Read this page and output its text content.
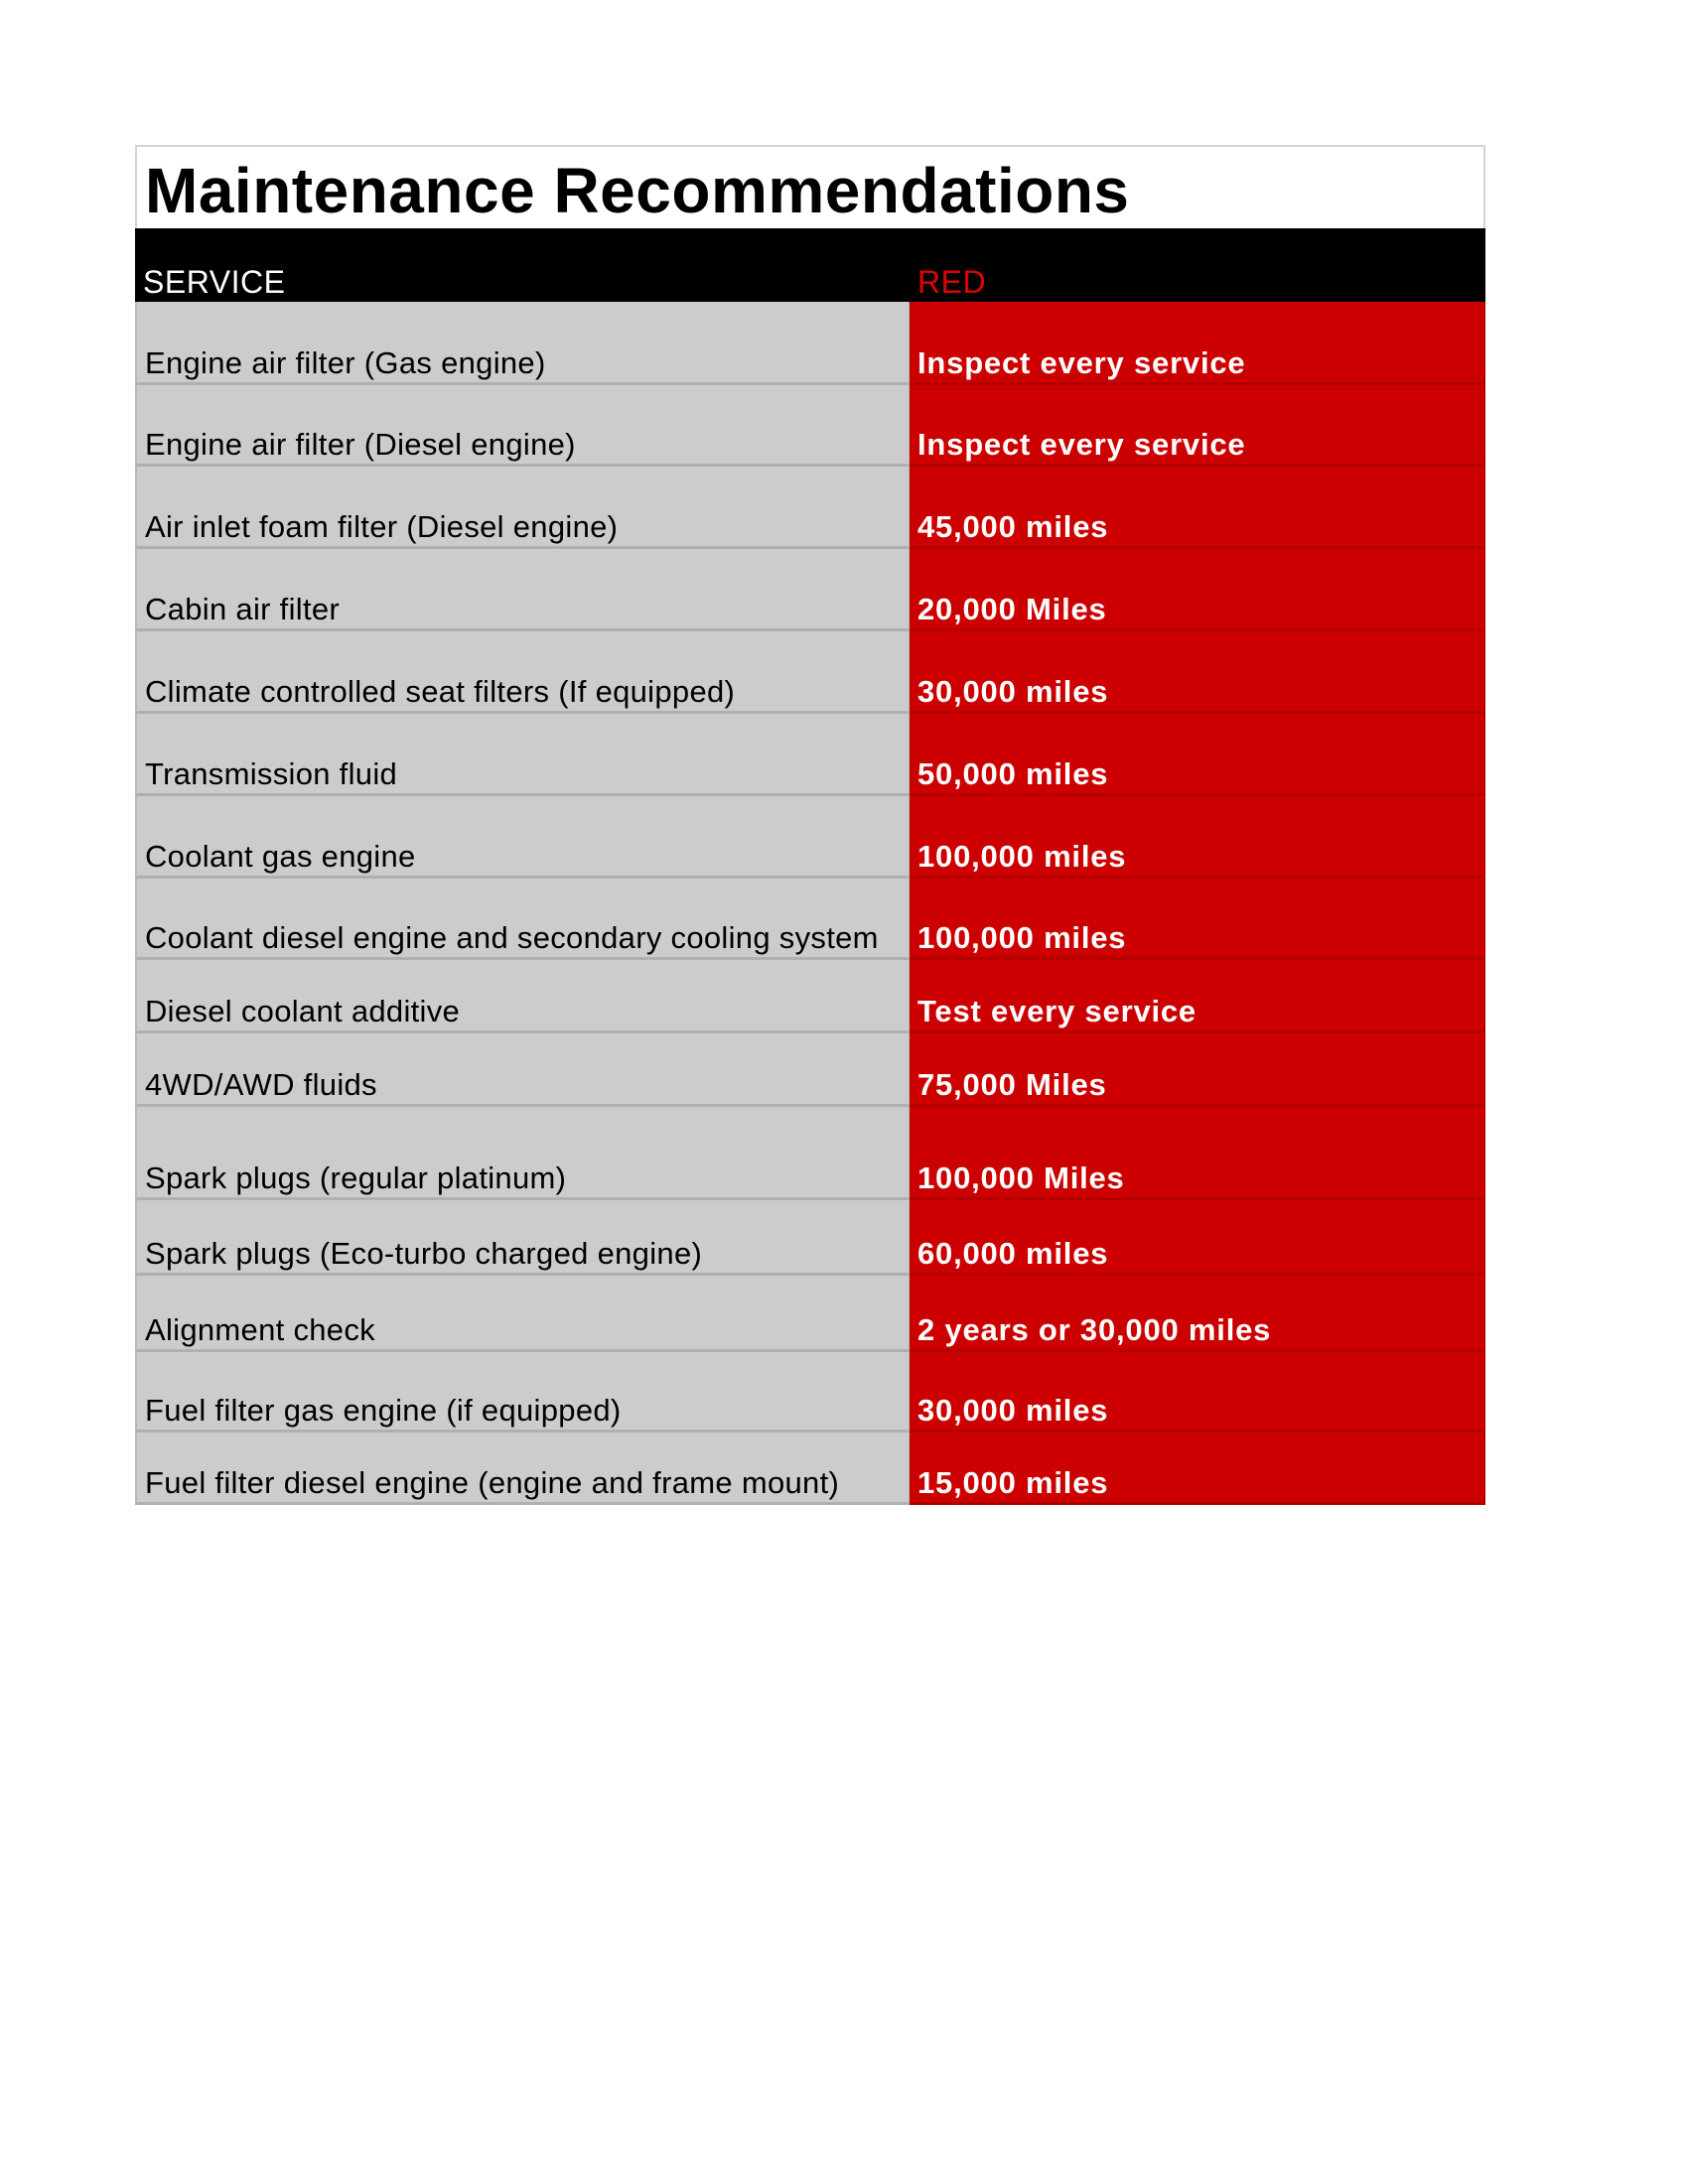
Maintenance Recommendations
SERVICE	RED
Engine air filter (Gas engine)	Inspect every service
Engine air filter (Diesel engine)	Inspect every service
Air inlet foam filter (Diesel engine)	45,000 miles
Cabin air filter	20,000 Miles
Climate controlled seat filters (If equipped)	30,000 miles
Transmission fluid	50,000 miles
Coolant gas engine	100,000 miles
Coolant diesel engine and secondary cooling system	100,000 miles
Diesel coolant additive	Test every service
4WD/AWD fluids	75,000 Miles
Spark plugs (regular platinum)	100,000 Miles
Spark plugs (Eco-turbo charged engine)	60,000 miles
Alignment check	2 years or 30,000 miles
Fuel filter gas engine (if equipped)	30,000 miles
Fuel filter diesel engine (engine and frame mount)	15,000 miles
